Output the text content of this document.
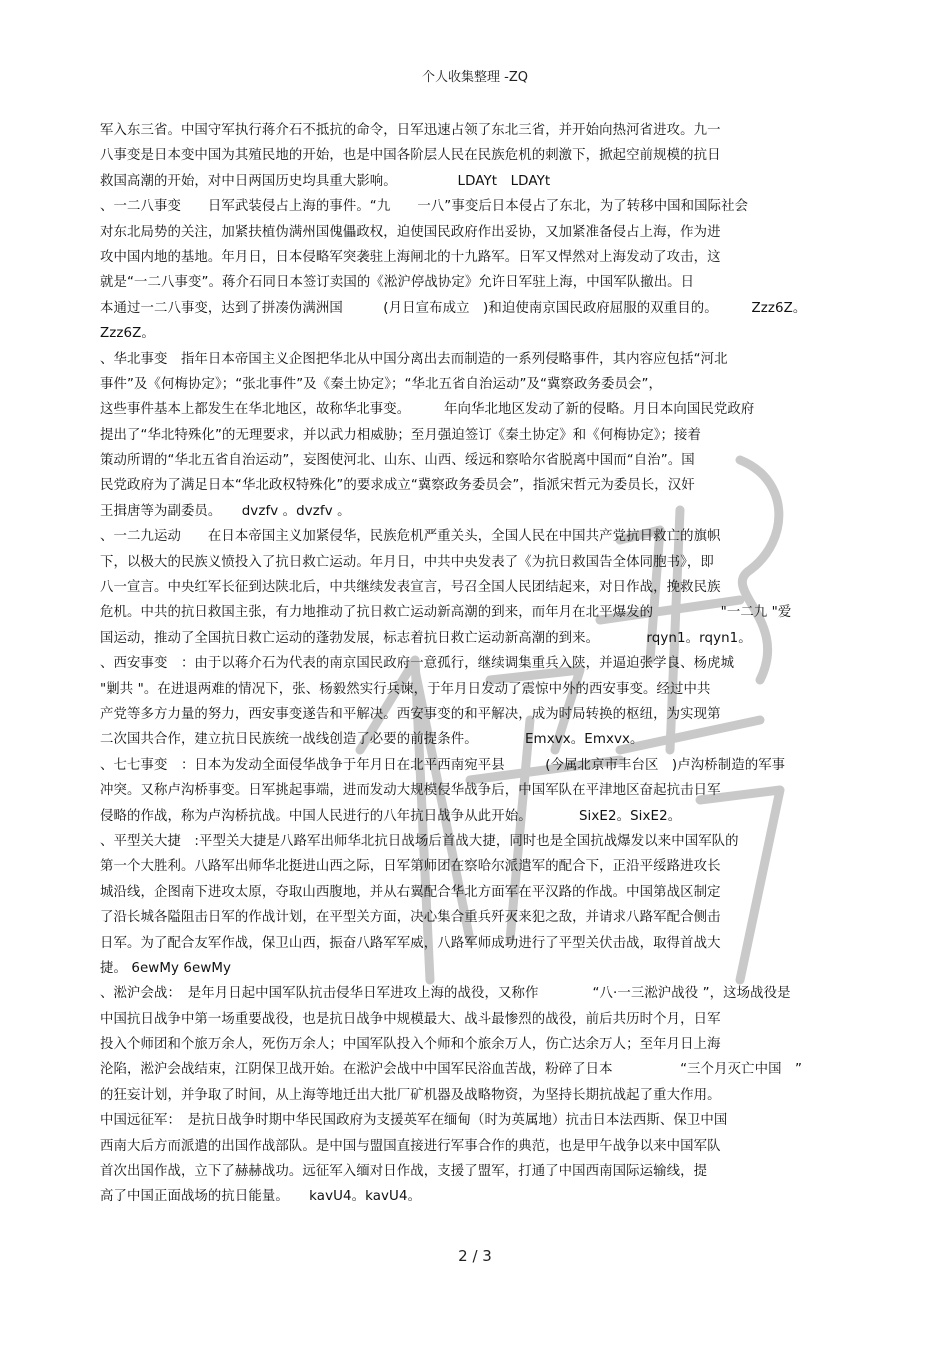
个人收集整理 -ZQ
军入东三省。中国守军执行蒋介石不抵抗的命令，日军迅速占领了东北三省，并开始向热河省进攻。九一
八事变是日本变中国为其殖民地的开始，也是中国各阶层人民在民族危机的刺激下，掀起空前规模的抗日
救国高潮的开始，对中日两国历史均具重大影响。　　　　　LDAYt　LDAYt
、一二八事变　　日军武装侵占上海的事件。“九　　一八”事变后日本侵占了东北，为了转移中国和国际社会
对东北局势的关注，加紧扶植伪满州国傀儡政权，迫使国民政府作出妥协，又加紧准备侵占上海，作为进
攻中国内地的基地。年月日，日本侵略军突袭驻上海闸北的十九路军。日军又悍然对上海发动了攻击，这
就是“一二八事变”。蒋介石同日本签订卖国的《淞沪停战协定》允许日军驻上海，中国军队撤出。日
本通过一二八事变，达到了拼凑伪满洲国　　　(月日宣布成立　)和迫使南京国民政府屈服的双重目的。　　　Zzz6Z。
Zzz6Z。
、华北事变　指年日本帝国主义企图把华北从中国分离出去而制造的一系列侵略事件，其内容应包括“河北
事件”及《何梅协定》；“张北事件”及《秦土协定》；“华北五省自治运动”及“冀察政务委员会”，
这些事件基本上都发生在华北地区，故称华北事变。　　　年向华北地区发动了新的侵略。月日本向国民党政府
提出了“华北特殊化”的无理要求，并以武力相威胁；至月强迫签订《秦土协定》和《何梅协定》；接着
策动所谓的“华北五省自治运动”，妄图使河北、山东、山西、绥远和察哈尔省脱离中国而“自治”。国
民党政府为了满足日本“华北政权特殊化”的要求成立“冀察政务委员会”，指派宋哲元为委员长，汉奸
王揖唐等为副委员。　　dvzfv 。dvzfv 。
、一二九运动　　在日本帝国主义加紧侵华，民族危机严重关头，全国人民在中国共产党抗日救亡的旗帜
下，以极大的民族义愤投入了抗日救亡运动。年月日，中共中央发表了《为抗日救国告全体同胞书》，即
八一宣言。中央红军长征到达陕北后，中共继续发表宣言，号召全国人民团结起来，对日作战，挽救民族
危机。中共的抗日救国主张，有力地推动了抗日救亡运动新高潮的到来，而年月在北平爆发的　　　　　"一二九 "爱
国运动，推动了全国抗日救亡运动的蓬勃发展，标志着抗日救亡运动新高潮的到来。　　　　rqyn1。rqyn1。
、西安事变　：由于以蒋介石为代表的南京国民政府一意孤行，继续调集重兵入陕，并逼迫张学良、杨虎城
"剿共 "。在进退两难的情况下，张、杨毅然实行兵谏，于年月日发动了震惊中外的西安事变。经过中共
产党等多方力量的努力，西安事变遂告和平解决。西安事变的和平解决，成为时局转换的枢纽，为实现第
二次国共合作，建立抗日民族统一战线创造了必要的前提条件。　　　　Emxvx。Emxvx。
、七七事变　：日本为发动全面侵华战争于年月日在北平西南宛平县　　　(今属北京市丰台区　)卢沟桥制造的军事
冲突。又称卢沟桥事变。日军挑起事端，进而发动大规模侵华战争后，中国军队在平津地区奋起抗击日军
侵略的作战，称为卢沟桥抗战。中国人民进行的八年抗日战争从此开始。　　　　SixE2。SixE2。
、平型关大捷　:平型关大捷是八路军出师华北抗日战场后首战大捷，同时也是全国抗战爆发以来中国军队的
第一个大胜利。八路军出师华北挺进山西之际，日军第师团在察哈尔派遣军的配合下，正沿平绥路进攻长
城沿线，企图南下进攻太原，夺取山西腹地，并从右翼配合华北方面军在平汉路的作战。中国第战区制定
了沿长城各隘阻击日军的作战计划，在平型关方面，决心集合重兵歼灭来犯之敌，并请求八路军配合侧击
日军。为了配合友军作战，保卫山西，振奋八路军军威，八路军师成功进行了平型关伏击战，取得首战大
捷。 6ewMy 6ewMy
、淞沪会战：　是年月日起中国军队抗击侵华日军进攻上海的战役，又称作　　　　“八·一三淞沪战役 ”，这场战役是
中国抗日战争中第一场重要战役，也是抗日战争中规模最大、战斗最惨烈的战役，前后共历时个月，日军
投入个师团和个旅万余人，死伤万余人；中国军队投入个师和个旅余万人，伤亡达余万人；至年月日上海
沦陷，淞沪会战结束，江阴保卫战开始。在淞沪会战中中国军民浴血苦战，粉碎了日本　　　　　“三个月灭亡中国　”
的狂妄计划，并争取了时间，从上海等地迁出大批厂矿机器及战略物资，为坚持长期抗战起了重大作用。
中国远征军：　是抗日战争时期中华民国政府为支援英军在缅甸（时为英属地）抗击日本法西斯、保卫中国
西南大后方而派遣的出国作战部队。是中国与盟国直接进行军事合作的典范，也是甲午战争以来中国军队
首次出国作战，立下了赫赫战功。远征军入缅对日作战，支援了盟军，打通了中国西南国际运输线，提
高了中国正面战场的抗日能量。　　kavU4。kavU4。
2 / 3
